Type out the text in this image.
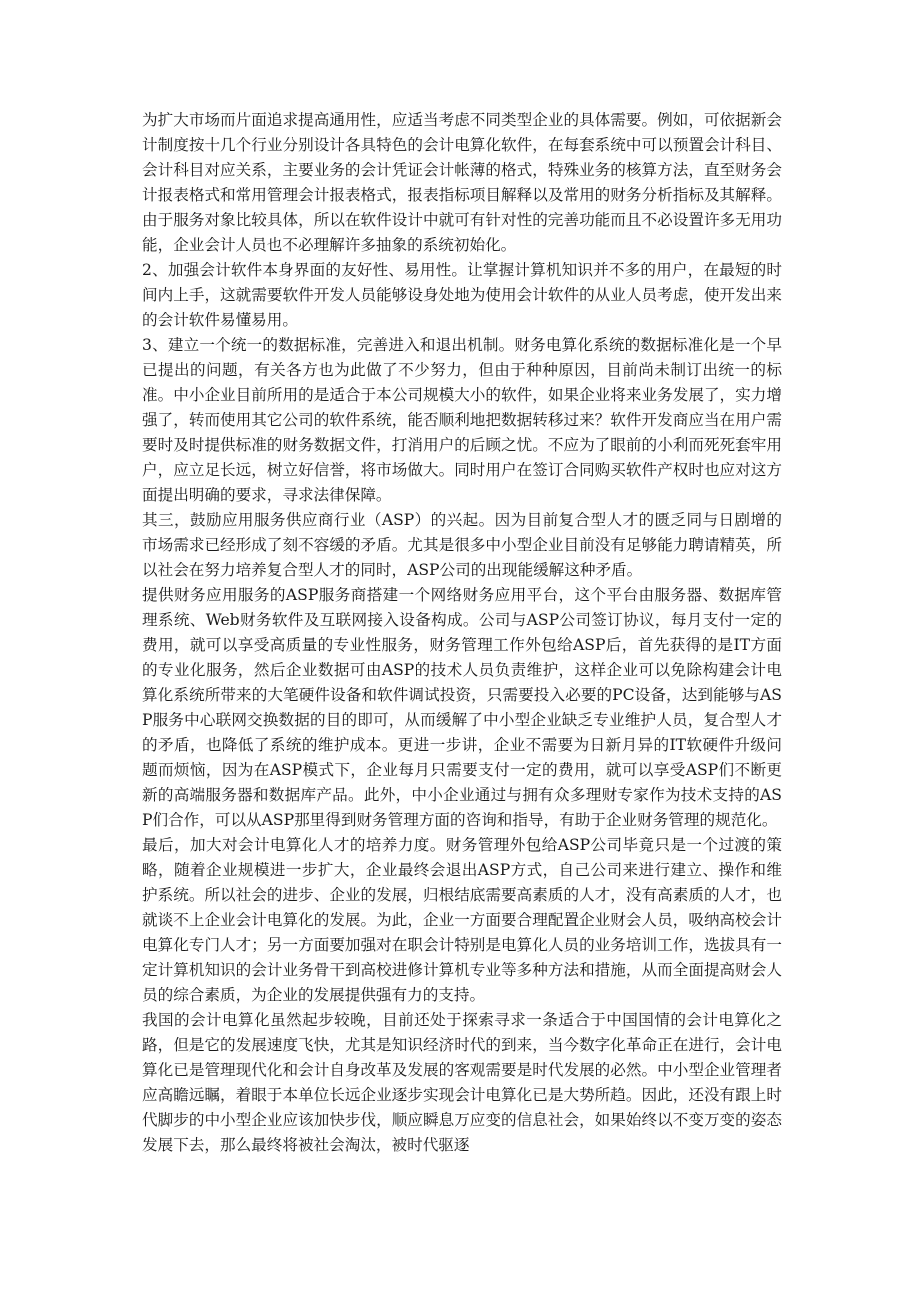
为扩大市场而片面追求提高通用性，应适当考虑不同类型企业的具体需要。例如，可依据新会计制度按十几个行业分别设计各具特色的会计电算化软件，在每套系统中可以预置会计科目、会计科目对应关系，主要业务的会计凭证会计帐薄的格式，特殊业务的核算方法，直至财务会计报表格式和常用管理会计报表格式，报表指标项目解释以及常用的财务分析指标及其解释。由于服务对象比较具体，所以在软件设计中就可有针对性的完善功能而且不必设置许多无用功能，企业会计人员也不必理解许多抽象的系统初始化。

2、加强会计软件本身界面的友好性、易用性。让掌握计算机知识并不多的用户，在最短的时间内上手，这就需要软件开发人员能够设身处地为使用会计软件的从业人员考虑，使开发出来的会计软件易懂易用。

3、建立一个统一的数据标准，完善进入和退出机制。财务电算化系统的数据标准化是一个早已提出的问题，有关各方也为此做了不少努力，但由于种种原因，目前尚未制订出统一的标准。中小企业目前所用的是适合于本公司规模大小的软件，如果企业将来业务发展了，实力增强了，转而使用其它公司的软件系统，能否顺利地把数据转移过来？软件开发商应当在用户需要时及时提供标准的财务数据文件，打消用户的后顾之忧。不应为了眼前的小利而死死套牢用户，应立足长远，树立好信誉，将市场做大。同时用户在签订合同购买软件产权时也应对这方面提出明确的要求，寻求法律保障。

其三，鼓励应用服务供应商行业（ASP）的兴起。因为目前复合型人才的匮乏同与日剧增的市场需求已经形成了刻不容缓的矛盾。尤其是很多中小型企业目前没有足够能力聘请精英，所以社会在努力培养复合型人才的同时，ASP公司的出现能缓解这种矛盾。

提供财务应用服务的ASP服务商搭建一个网络财务应用平台，这个平台由服务器、数据库管理系统、Web财务软件及互联网接入设备构成。公司与ASP公司签订协议，每月支付一定的费用，就可以享受高质量的专业性服务，财务管理工作外包给ASP后，首先获得的是IT方面的专业化服务，然后企业数据可由ASP的技术人员负责维护，这样企业可以免除构建会计电算化系统所带来的大笔硬件设备和软件调试投资，只需要投入必要的PC设备，达到能够与ASP服务中心联网交换数据的目的即可，从而缓解了中小型企业缺乏专业维护人员，复合型人才的矛盾，也降低了系统的维护成本。更进一步讲，企业不需要为日新月异的IT软硬件升级问题而烦恼，因为在ASP模式下，企业每月只需要支付一定的费用，就可以享受ASP们不断更新的高端服务器和数据库产品。此外，中小企业通过与拥有众多理财专家作为技术支持的ASP们合作，可以从ASP那里得到财务管理方面的咨询和指导，有助于企业财务管理的规范化。

最后，加大对会计电算化人才的培养力度。财务管理外包给ASP公司毕竟只是一个过渡的策略，随着企业规模进一步扩大，企业最终会退出ASP方式，自己公司来进行建立、操作和维护系统。所以社会的进步、企业的发展，归根结底需要高素质的人才，没有高素质的人才，也就谈不上企业会计电算化的发展。为此，企业一方面要合理配置企业财会人员，吸纳高校会计电算化专门人才；另一方面要加强对在职会计特别是电算化人员的业务培训工作，选拔具有一定计算机知识的会计业务骨干到高校进修计算机专业等多种方法和措施，从而全面提高财会人员的综合素质，为企业的发展提供强有力的支持。

我国的会计电算化虽然起步较晚，目前还处于探索寻求一条适合于中国国情的会计电算化之路，但是它的发展速度飞快，尤其是知识经济时代的到来，当今数字化革命正在进行，会计电算化已是管理现代化和会计自身改革及发展的客观需要是时代发展的必然。中小型企业管理者应高瞻远瞩，着眼于本单位长远企业逐步实现会计电算化已是大势所趋。因此，还没有跟上时代脚步的中小型企业应该加快步伐，顺应瞬息万应变的信息社会，如果始终以不变万变的姿态发展下去，那么最终将被社会淘汰，被时代驱逐
